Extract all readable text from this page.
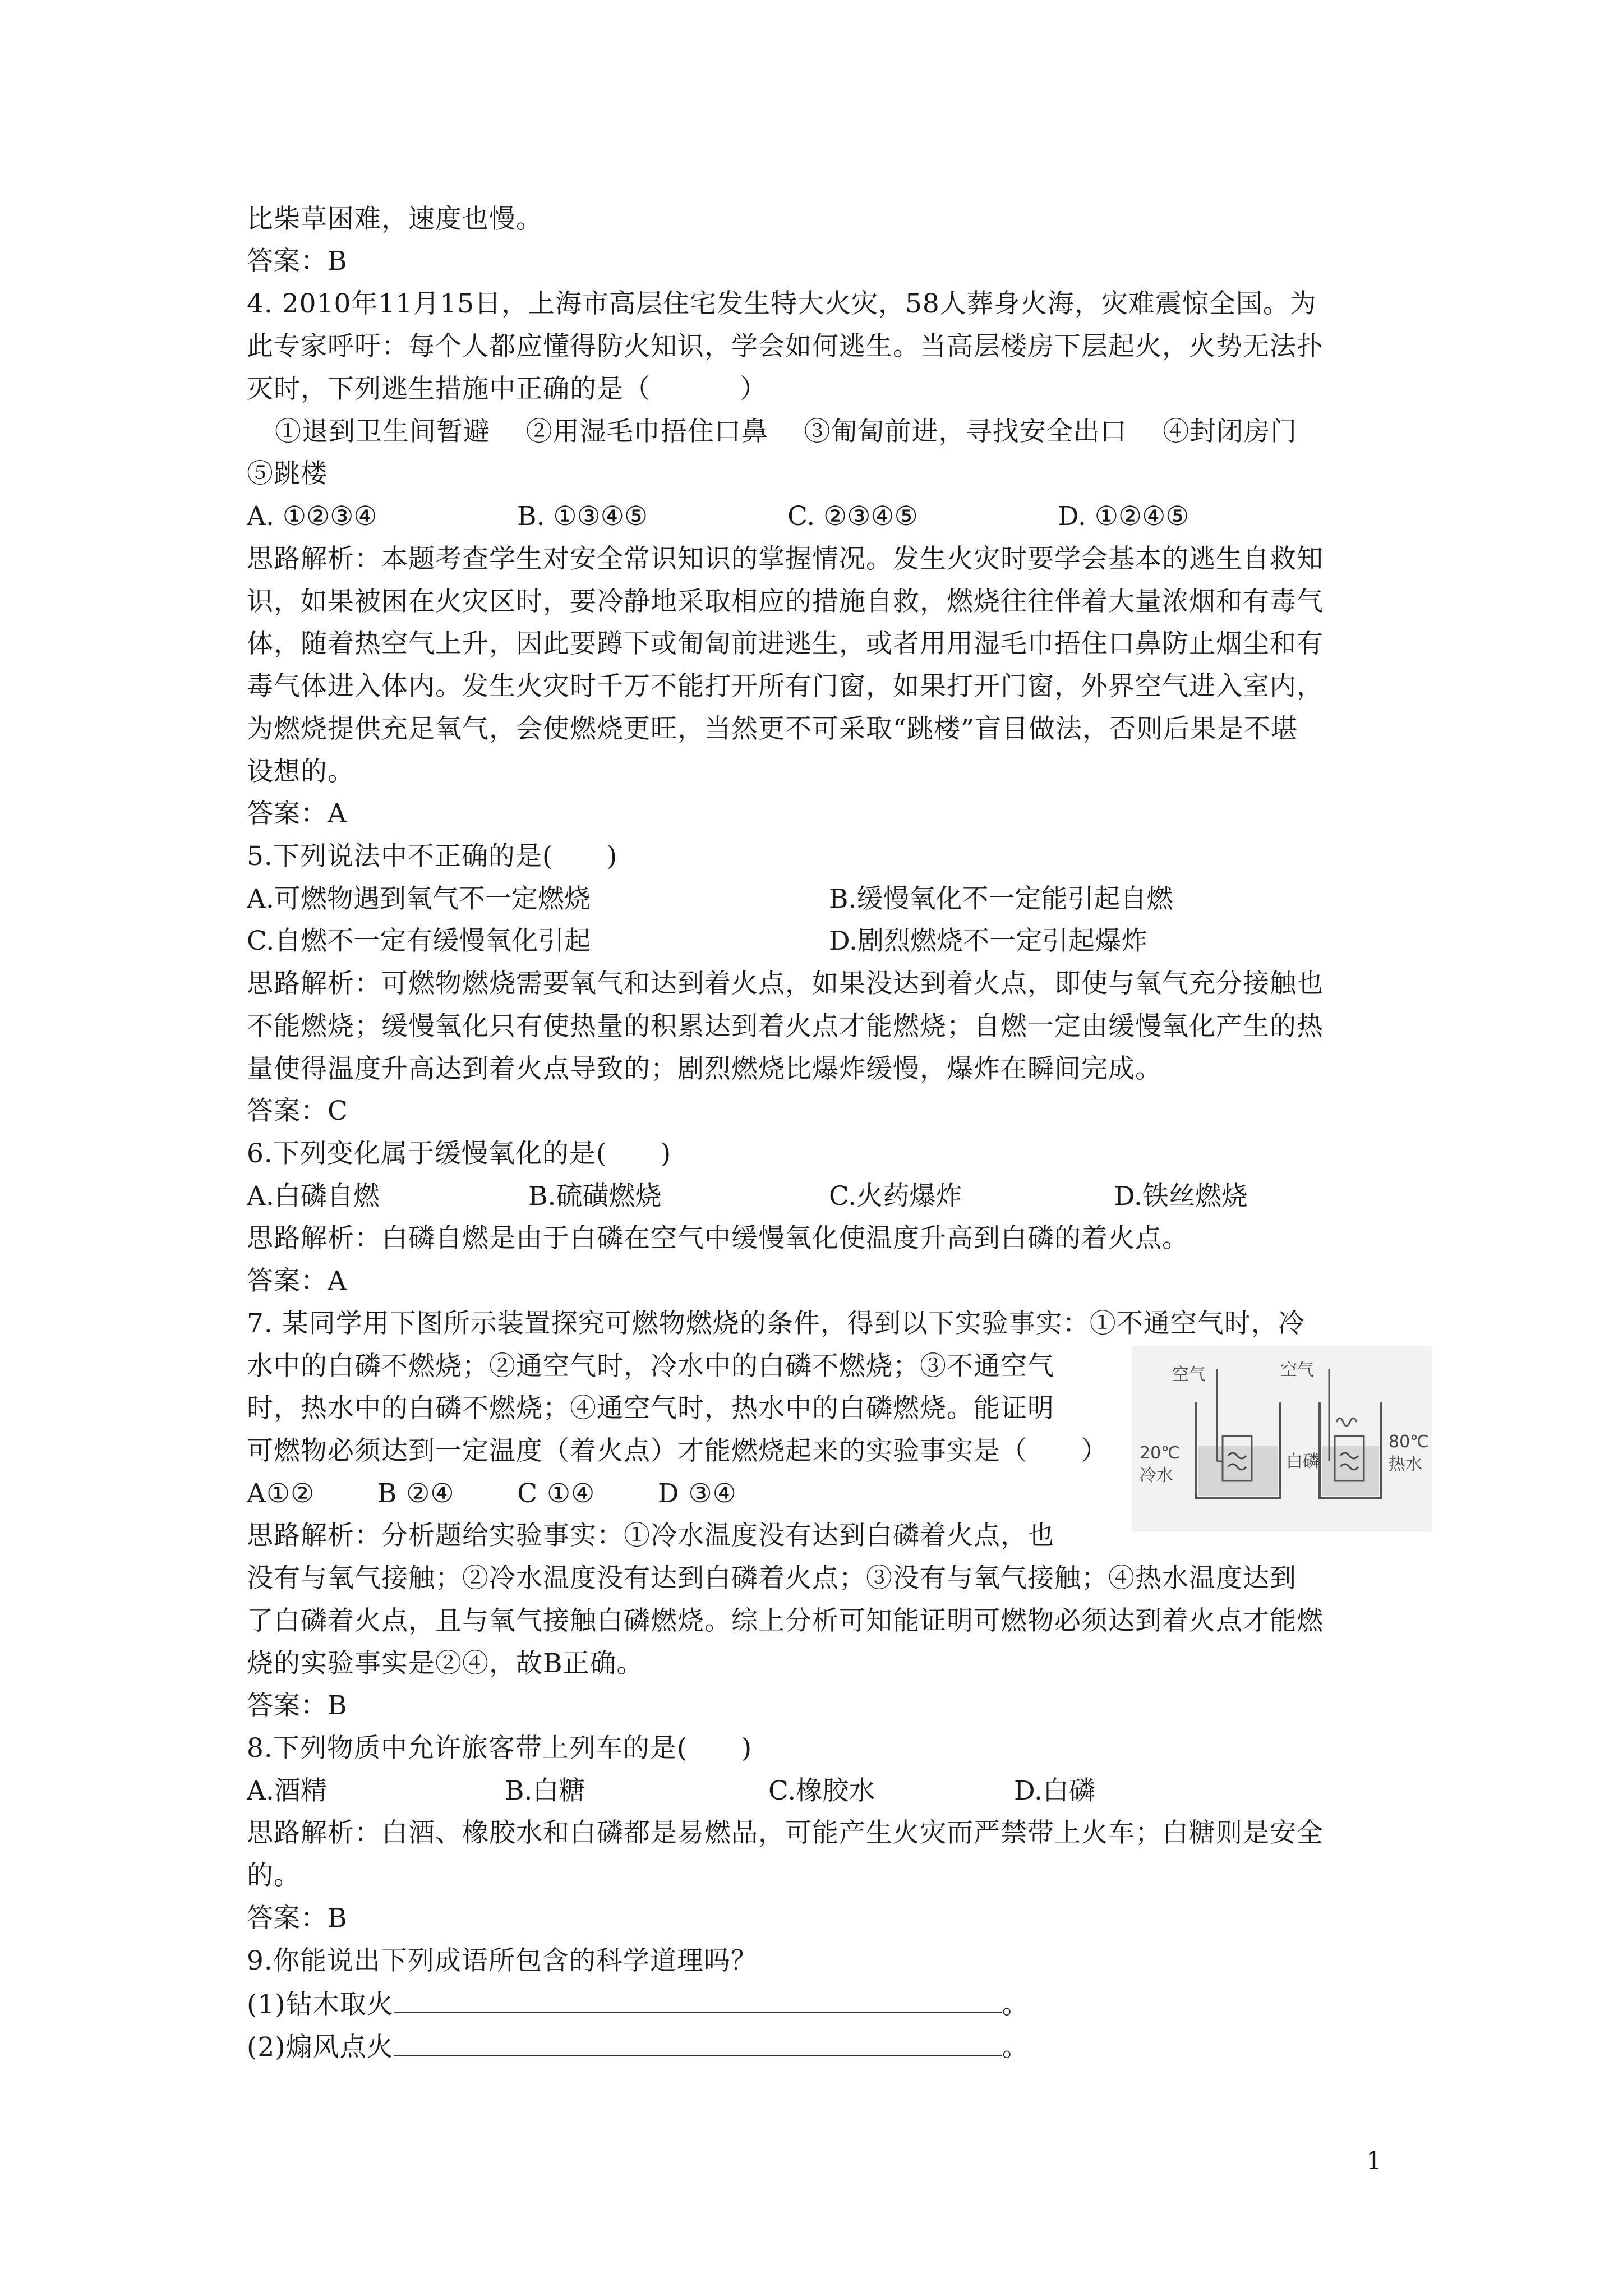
比柴草困难，速度也慢。
答案：B
4. 2010年11月15日，上海市高层住宅发生特大火灾，58人葬身火海，灾难震惊全国。为
此专家呼吁：每个人都应懂得防火知识，学会如何逃生。当高层楼房下层起火，火势无法扑
灭时，下列逃生措施中正确的是（          ）
①退到卫生间暂避    ②用湿毛巾捂住口鼻    ③匍匐前进，寻找安全出口    ④封闭房门
⑤跳楼
A. ①②③④	B. ①③④⑤	C. ②③④⑤	D. ①②④⑤
思路解析：本题考查学生对安全常识知识的掌握情况。发生火灾时要学会基本的逃生自救知
识，如果被困在火灾区时，要冷静地采取相应的措施自救，燃烧往往伴着大量浓烟和有毒气
体，随着热空气上升，因此要蹲下或匍匐前进逃生，或者用用湿毛巾捂住口鼻防止烟尘和有
毒气体进入体内。发生火灾时千万不能打开所有门窗，如果打开门窗，外界空气进入室内，
为燃烧提供充足氧气，会使燃烧更旺，当然更不可采取“跳楼”盲目做法，否则后果是不堪
设想的。
答案：A
5.下列说法中不正确的是(      )
A.可燃物遇到氧气不一定燃烧	B.缓慢氧化不一定能引起自燃
C.自燃不一定有缓慢氧化引起	D.剧烈燃烧不一定引起爆炸
思路解析：可燃物燃烧需要氧气和达到着火点，如果没达到着火点，即使与氧气充分接触也
不能燃烧；缓慢氧化只有使热量的积累达到着火点才能燃烧；自燃一定由缓慢氧化产生的热
量使得温度升高达到着火点导致的；剧烈燃烧比爆炸缓慢，爆炸在瞬间完成。
答案：C
6.下列变化属于缓慢氧化的是(      )
A.白磷自燃	B.硫磺燃烧	C.火药爆炸	D.铁丝燃烧
思路解析：白磷自燃是由于白磷在空气中缓慢氧化使温度升高到白磷的着火点。
答案：A
7. 某同学用下图所示装置探究可燃物燃烧的条件，得到以下实验事实：①不通空气时，冷
水中的白磷不燃烧；②通空气时，冷水中的白磷不燃烧；③不通空气
时，热水中的白磷不燃烧；④通空气时，热水中的白磷燃烧。能证明
可燃物必须达到一定温度（着火点）才能燃烧起来的实验事实是（      ）
A①②       B ②④       C ①④       D ③④
思路解析：分析题给实验事实：①冷水温度没有达到白磷着火点，也
没有与氧气接触；②冷水温度没有达到白磷着火点；③没有与氧气接触；④热水温度达到
了白磷着火点，且与氧气接触白磷燃烧。综上分析可知能证明可燃物必须达到着火点才能燃
烧的实验事实是②④，故B正确。
答案：B
8.下列物质中允许旅客带上列车的是(      )
A.酒精	B.白糖	C.橡胶水	D.白磷
思路解析：白酒、橡胶水和白磷都是易燃品，可能产生火灾而严禁带上火车；白糖则是安全
的。
答案：B
9.你能说出下列成语所包含的科学道理吗？
(1)钻木取火	。
(2)煽风点火	。
空气	空气
20℃
冷水
白磷
80℃
热水
1
